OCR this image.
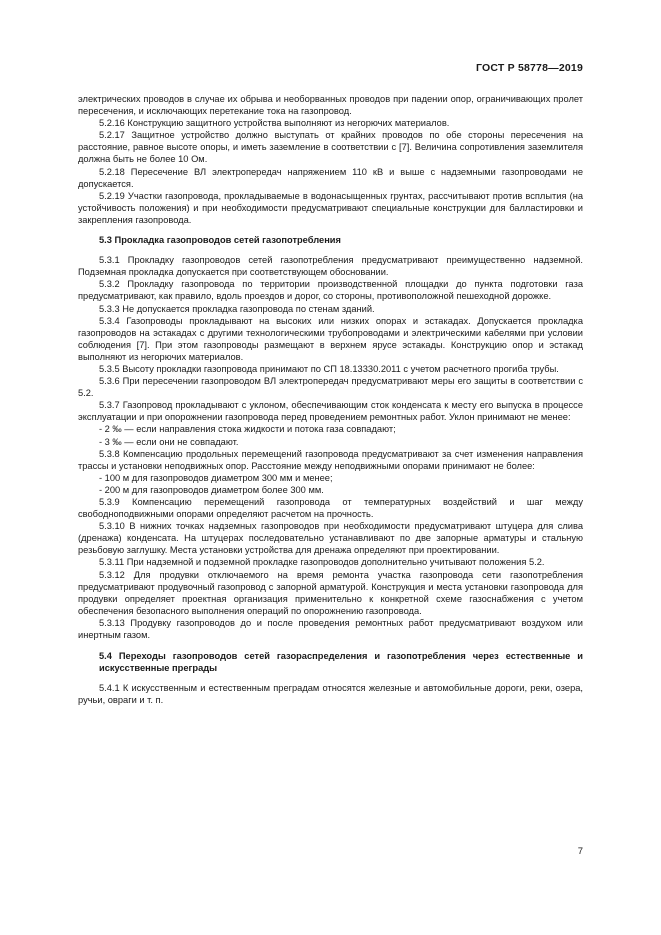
ГОСТ Р 58778—2019
электрических проводов в случае их обрыва и необорванных проводов при падении опор, ограничивающих пролет пересечения, и исключающих перетекание тока на газопровод.
5.2.16 Конструкцию защитного устройства выполняют из негорючих материалов.
5.2.17 Защитное устройство должно выступать от крайних проводов по обе стороны пересечения на расстояние, равное высоте опоры, и иметь заземление в соответствии с [7]. Величина сопротивления заземлителя должна быть не более 10 Ом.
5.2.18 Пересечение ВЛ электропередач напряжением 110 кВ и выше с надземными газопроводами не допускается.
5.2.19 Участки газопровода, прокладываемые в водонасыщенных грунтах, рассчитывают против всплытия (на устойчивость положения) и при необходимости предусматривают специальные конструкции для балластировки и закрепления газопровода.
5.3 Прокладка газопроводов сетей газопотребления
5.3.1 Прокладку газопроводов сетей газопотребления предусматривают преимущественно надземной. Подземная прокладка допускается при соответствующем обосновании.
5.3.2 Прокладку газопровода по территории производственной площадки до пункта подготовки газа предусматривают, как правило, вдоль проездов и дорог, со стороны, противоположной пешеходной дорожке.
5.3.3 Не допускается прокладка газопровода по стенам зданий.
5.3.4 Газопроводы прокладывают на высоких или низких опорах и эстакадах. Допускается прокладка газопроводов на эстакадах с другими технологическими трубопроводами и электрическими кабелями при условии соблюдения [7]. При этом газопроводы размещают в верхнем ярусе эстакады. Конструкцию опор и эстакад выполняют из негорючих материалов.
5.3.5 Высоту прокладки газопровода принимают по СП 18.13330.2011 с учетом расчетного прогиба трубы.
5.3.6 При пересечении газопроводом ВЛ электропередач предусматривают меры его защиты в соответствии с 5.2.
5.3.7 Газопровод прокладывают с уклоном, обеспечивающим сток конденсата к месту его выпуска в процессе эксплуатации и при опорожнении газопровода перед проведением ремонтных работ. Уклон принимают не менее:
- 2 ‰ — если направления стока жидкости и потока газа совпадают;
- 3 ‰ — если они не совпадают.
5.3.8 Компенсацию продольных перемещений газопровода предусматривают за счет изменения направления трассы и установки неподвижных опор. Расстояние между неподвижными опорами принимают не более:
- 100 м для газопроводов диаметром 300 мм и менее;
- 200 м для газопроводов диаметром более 300 мм.
5.3.9 Компенсацию перемещений газопровода от температурных воздействий и шаг между свободноподвижными опорами определяют расчетом на прочность.
5.3.10 В нижних точках надземных газопроводов при необходимости предусматривают штуцера для слива (дренажа) конденсата. На штуцерах последовательно устанавливают по две запорные арматуры и стальную резьбовую заглушку. Места установки устройства для дренажа определяют при проектировании.
5.3.11 При надземной и подземной прокладке газопроводов дополнительно учитывают положения 5.2.
5.3.12 Для продувки отключаемого на время ремонта участка газопровода сети газопотребления предусматривают продувочный газопровод с запорной арматурой. Конструкция и места установки газопровода для продувки определяет проектная организация применительно к конкретной схеме газоснабжения с учетом обеспечения безопасного выполнения операций по опорожнению газопровода.
5.3.13 Продувку газопроводов до и после проведения ремонтных работ предусматривают воздухом или инертным газом.
5.4 Переходы газопроводов сетей газораспределения и газопотребления через естественные и искусственные преграды
5.4.1 К искусственным и естественным преградам относятся железные и автомобильные дороги, реки, озера, ручьи, овраги и т. п.
7
